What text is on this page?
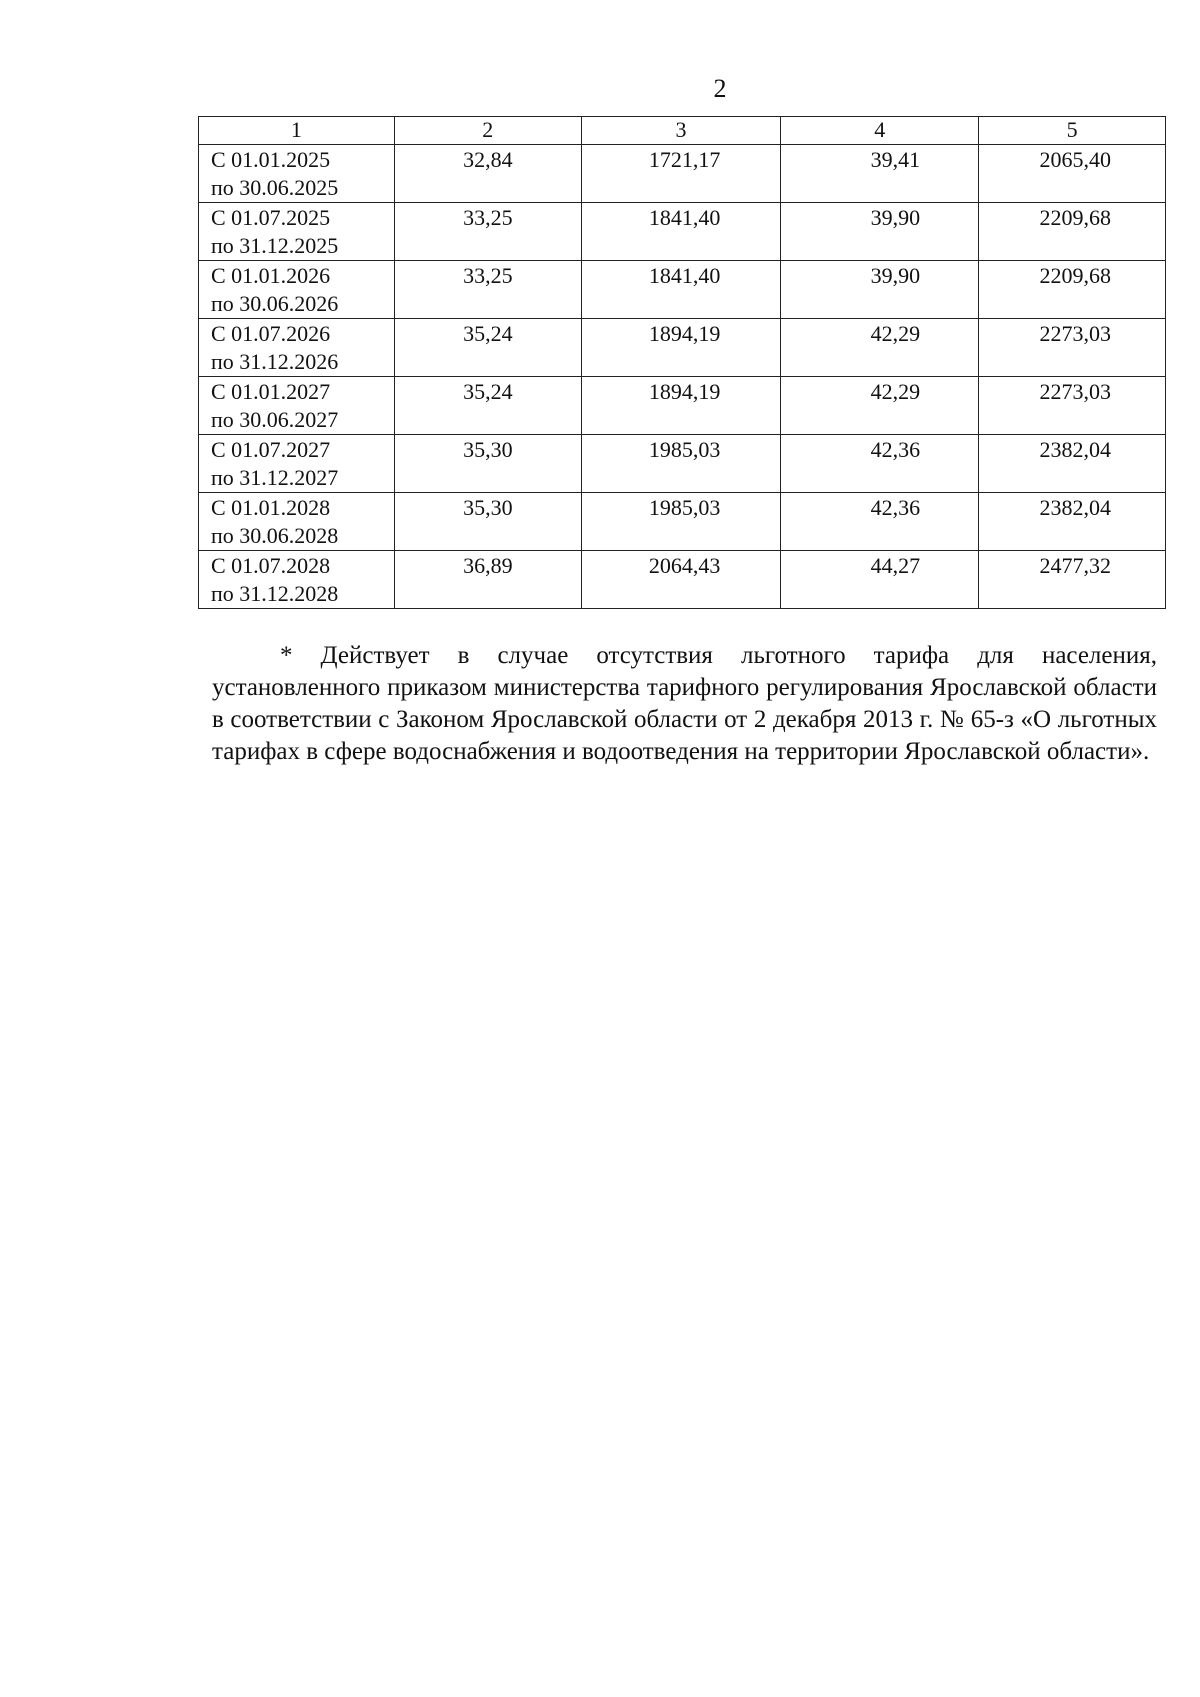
2
1	2	3	4	5

С 01.01.2025
по 30.06.2025	32,84	1721,17	39,41	2065,40

С 01.07.2025
по 31.12.2025	33,25	1841,40	39,90	2209,68

С 01.01.2026
по 30.06.2026	33,25	1841,40	39,90	2209,68

С 01.07.2026
по 31.12.2026	35,24	1894,19	42,29	2273,03

С 01.01.2027
по 30.06.2027	35,24	1894,19	42,29	2273,03

С 01.07.2027
по 31.12.2027	35,30	1985,03	42,36	2382,04

С 01.01.2028
по 30.06.2028	35,30	1985,03	42,36	2382,04

С 01.07.2028
по 31.12.2028	36,89	2064,43	44,27	2477,32

* Действует в случае отсутствия льготного тарифа для населения, установленного приказом министерства тарифного регулирования Ярославской области в соответствии с Законом Ярославской области от 2 декабря 2013 г. № 65-з «О льготных тарифах в сфере водоснабжения и водоотведения на территории Ярославской области».
